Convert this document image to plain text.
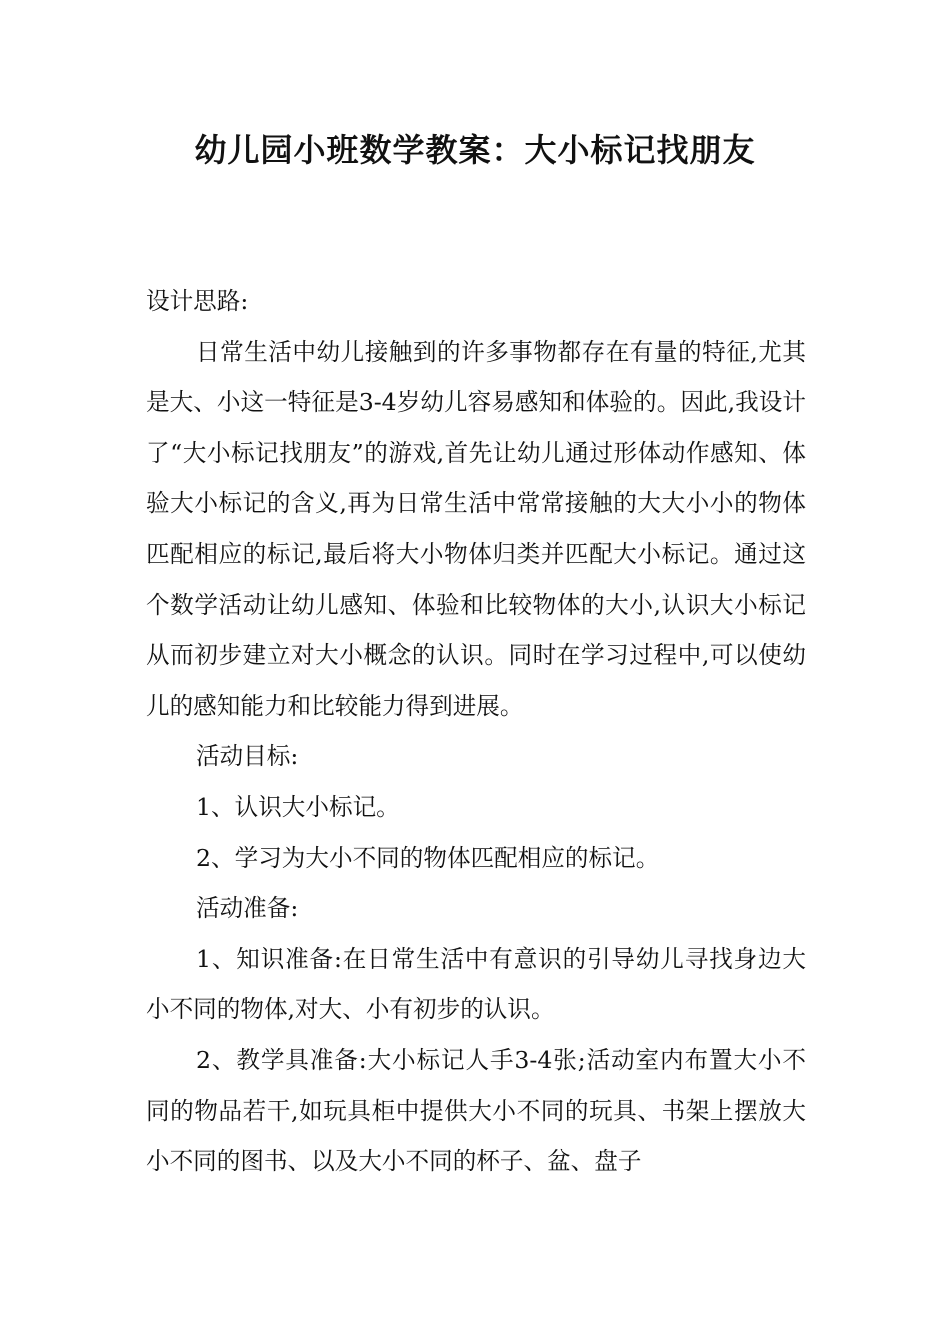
幼儿园小班数学教案：大小标记找朋友

设计思路:

日常生活中幼儿接触到的许多事物都存在有量的特征,尤其是大、小这一特征是3-4岁幼儿容易感知和体验的。因此,我设计了“大小标记找朋友”的游戏,首先让幼儿通过形体动作感知、体验大小标记的含义,再为日常生活中常常接触的大大小小的物体匹配相应的标记,最后将大小物体归类并匹配大小标记。通过这个数学活动让幼儿感知、体验和比较物体的大小,认识大小标记从而初步建立对大小概念的认识。同时在学习过程中,可以使幼儿的感知能力和比较能力得到进展。

活动目标:

1、认识大小标记。

2、学习为大小不同的物体匹配相应的标记。

活动准备:

1、知识准备:在日常生活中有意识的引导幼儿寻找身边大小不同的物体,对大、小有初步的认识。

2、教学具准备:大小标记人手3-4张;活动室内布置大小不同的物品若干,如玩具柜中提供大小不同的玩具、书架上摆放大小不同的图书、以及大小不同的杯子、盆、盘子
